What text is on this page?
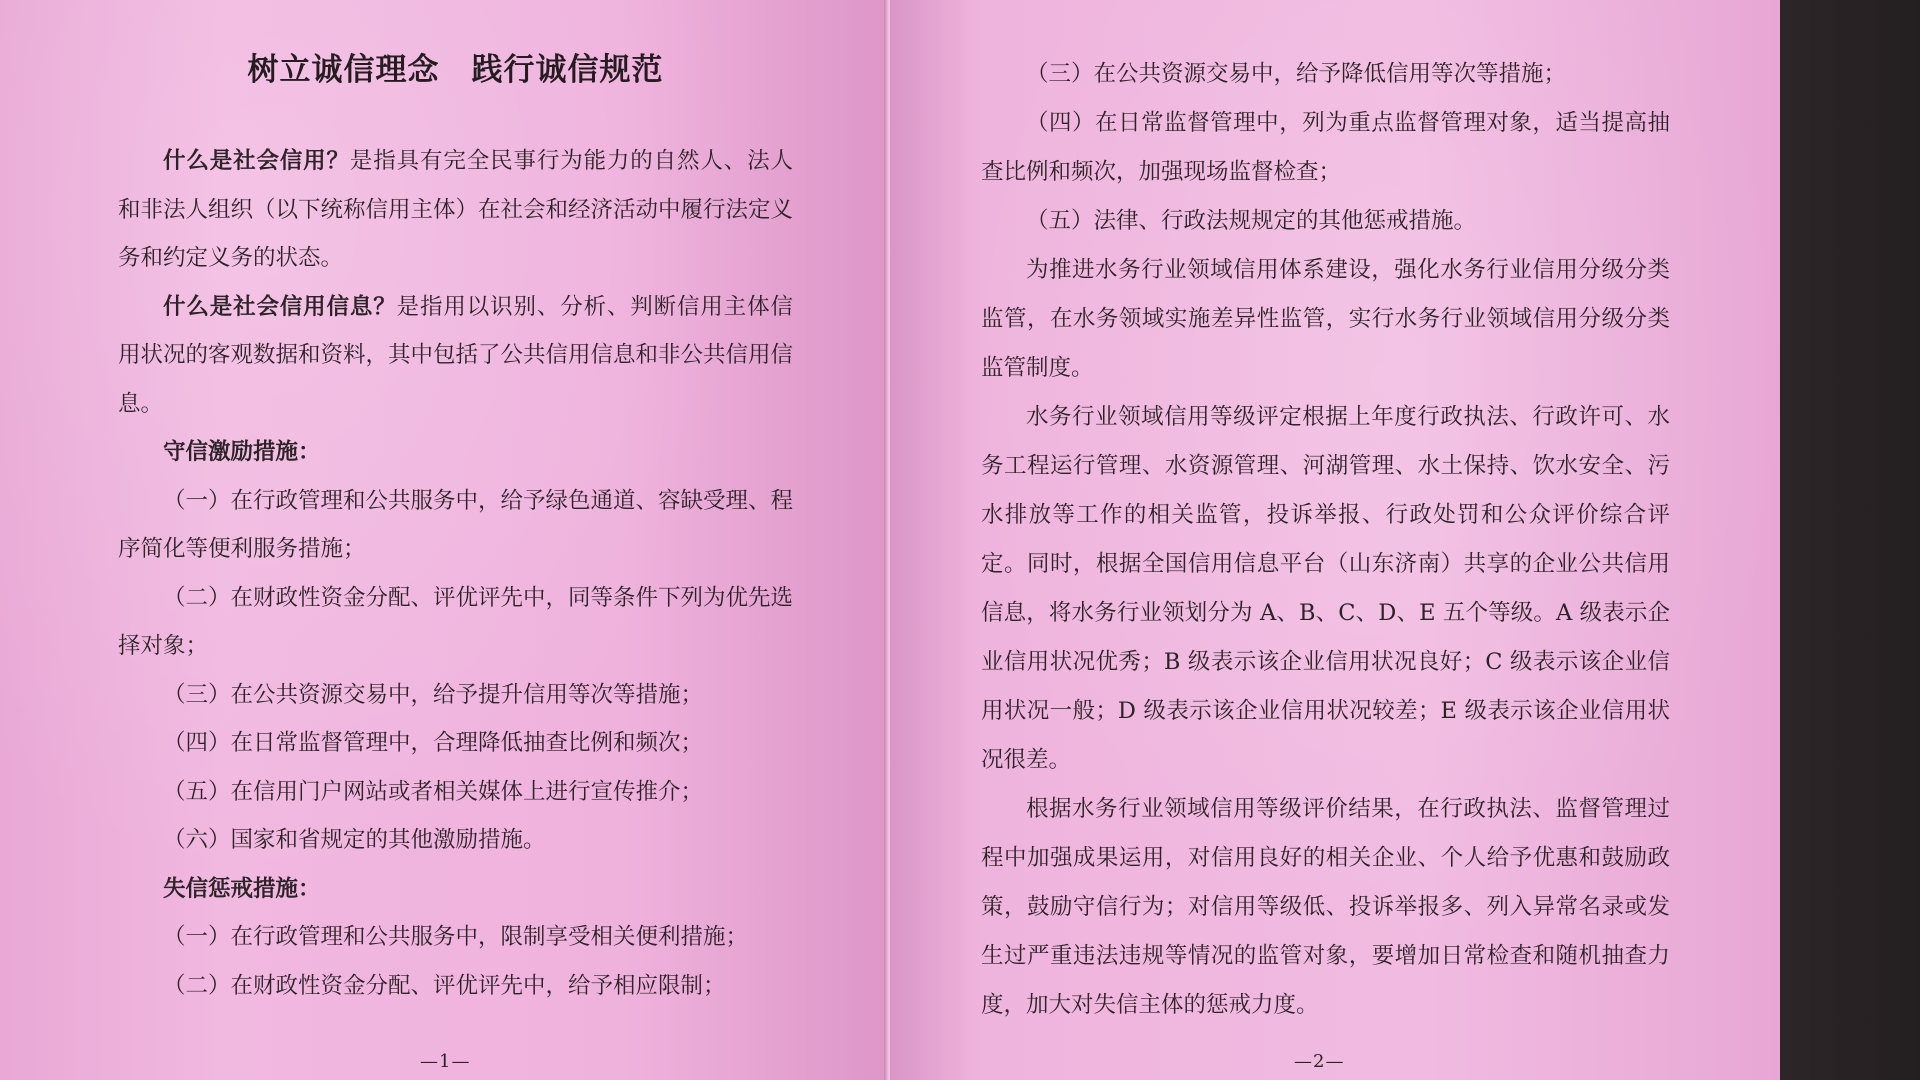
树立诚信理念　践行诚信规范

什么是社会信用？是指具有完全民事行为能力的自然人、法人和非法人组织（以下统称信用主体）在社会和经济活动中履行法定义务和约定义务的状态。

什么是社会信用信息？是指用以识别、分析、判断信用主体信用状况的客观数据和资料，其中包括了公共信用信息和非公共信用信息。

守信激励措施：

（一）在行政管理和公共服务中，给予绿色通道、容缺受理、程序简化等便利服务措施；

（二）在财政性资金分配、评优评先中，同等条件下列为优先选择对象；

（三）在公共资源交易中，给予提升信用等次等措施；

（四）在日常监督管理中，合理降低抽查比例和频次；

（五）在信用门户网站或者相关媒体上进行宣传推介；

（六）国家和省规定的其他激励措施。

失信惩戒措施：

（一）在行政管理和公共服务中，限制享受相关便利措施；

（二）在财政性资金分配、评优评先中，给予相应限制；

—1—

（三）在公共资源交易中，给予降低信用等次等措施；

（四）在日常监督管理中，列为重点监督管理对象，适当提高抽查比例和频次，加强现场监督检查；

（五）法律、行政法规规定的其他惩戒措施。

为推进水务行业领域信用体系建设，强化水务行业信用分级分类监管，在水务领域实施差异性监管，实行水务行业领域信用分级分类监管制度。

水务行业领域信用等级评定根据上年度行政执法、行政许可、水务工程运行管理、水资源管理、河湖管理、水土保持、饮水安全、污水排放等工作的相关监管，投诉举报、行政处罚和公众评价综合评定。同时，根据全国信用信息平台（山东济南）共享的企业公共信用信息，将水务行业领划分为 A、B、C、D、E 五个等级。A 级表示企业信用状况优秀；B 级表示该企业信用状况良好；C 级表示该企业信用状况一般；D 级表示该企业信用状况较差；E 级表示该企业信用状况很差。

根据水务行业领域信用等级评价结果，在行政执法、监督管理过程中加强成果运用，对信用良好的相关企业、个人给予优惠和鼓励政策，鼓励守信行为；对信用等级低、投诉举报多、列入异常名录或发生过严重违法违规等情况的监管对象，要增加日常检查和随机抽查力度，加大对失信主体的惩戒力度。

—2—
